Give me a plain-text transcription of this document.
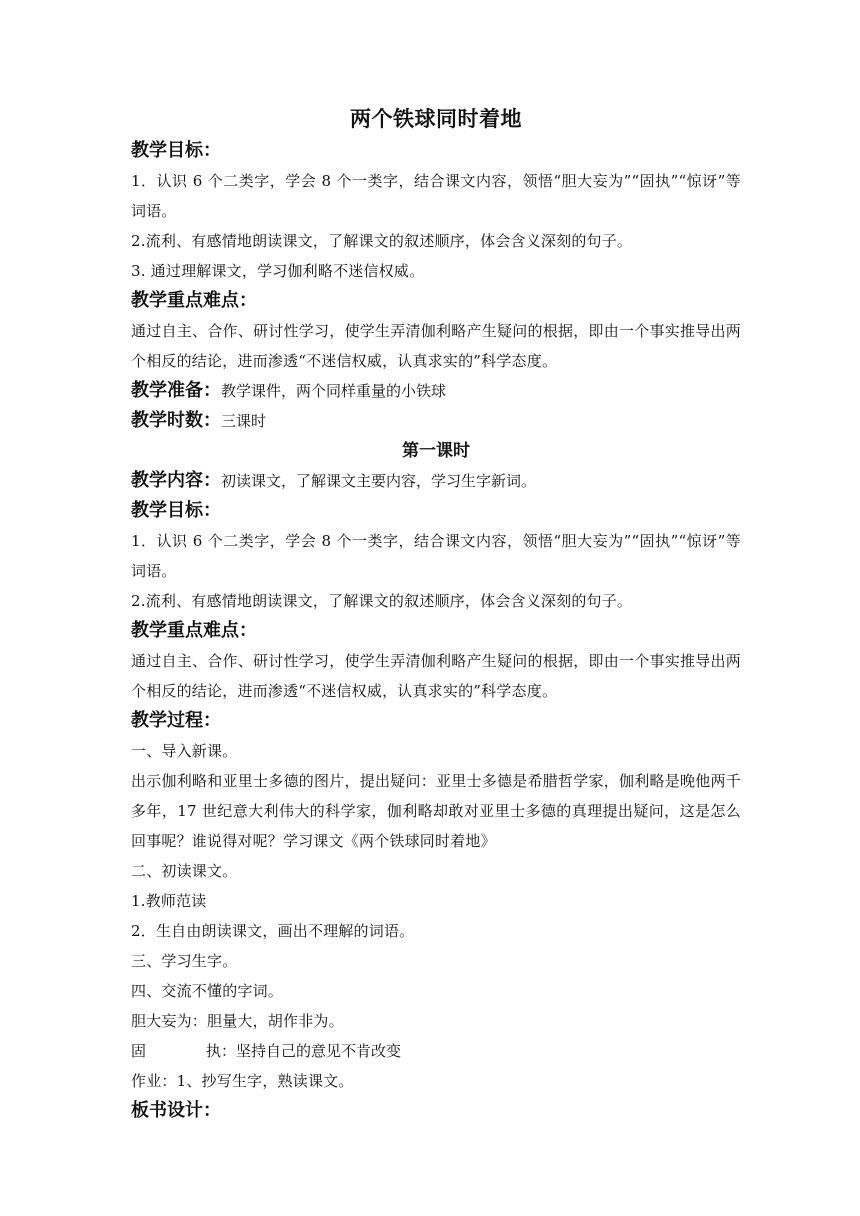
两个铁球同时着地
教学目标：

1．认识 6 个二类字，学会 8 个一类字，结合课文内容，领悟“胆大妄为”“固执”“惊讶”等词语。

2.流利、有感情地朗读课文，了解课文的叙述顺序，体会含义深刻的句子。

3. 通过理解课文，学习伽利略不迷信权威。

教学重点难点：

通过自主、合作、研讨性学习，使学生弄清伽利略产生疑问的根据，即由一个事实推导出两个相反的结论，进而渗透“不迷信权威，认真求实的”科学态度。

教学准备：教学课件，两个同样重量的小铁球
教学时数：三课时
第一课时
教学内容：初读课文，了解课文主要内容，学习生字新词。
教学目标：

1．认识 6 个二类字，学会 8 个一类字，结合课文内容，领悟“胆大妄为”“固执”“惊讶”等词语。

2.流利、有感情地朗读课文，了解课文的叙述顺序，体会含义深刻的句子。

教学重点难点：

通过自主、合作、研讨性学习，使学生弄清伽利略产生疑问的根据，即由一个事实推导出两个相反的结论，进而渗透“不迷信权威，认真求实的”科学态度。

教学过程：

一、导入新课。

出示伽利略和亚里士多德的图片，提出疑问：亚里士多德是希腊哲学家，伽利略是晚他两千多年，17 世纪意大利伟大的科学家，伽利略却敢对亚里士多德的真理提出疑问，这是怎么回事呢？谁说得对呢？学习课文《两个铁球同时着地》

二、初读课文。

1.教师范读

2．生自由朗读课文，画出不理解的词语。

三、学习生字。

四、交流不懂的字词。

胆大妄为：胆量大，胡作非为。

固　　　　执：坚持自己的意见不肯改变

作业：1、抄写生字，熟读课文。

板书设计：
